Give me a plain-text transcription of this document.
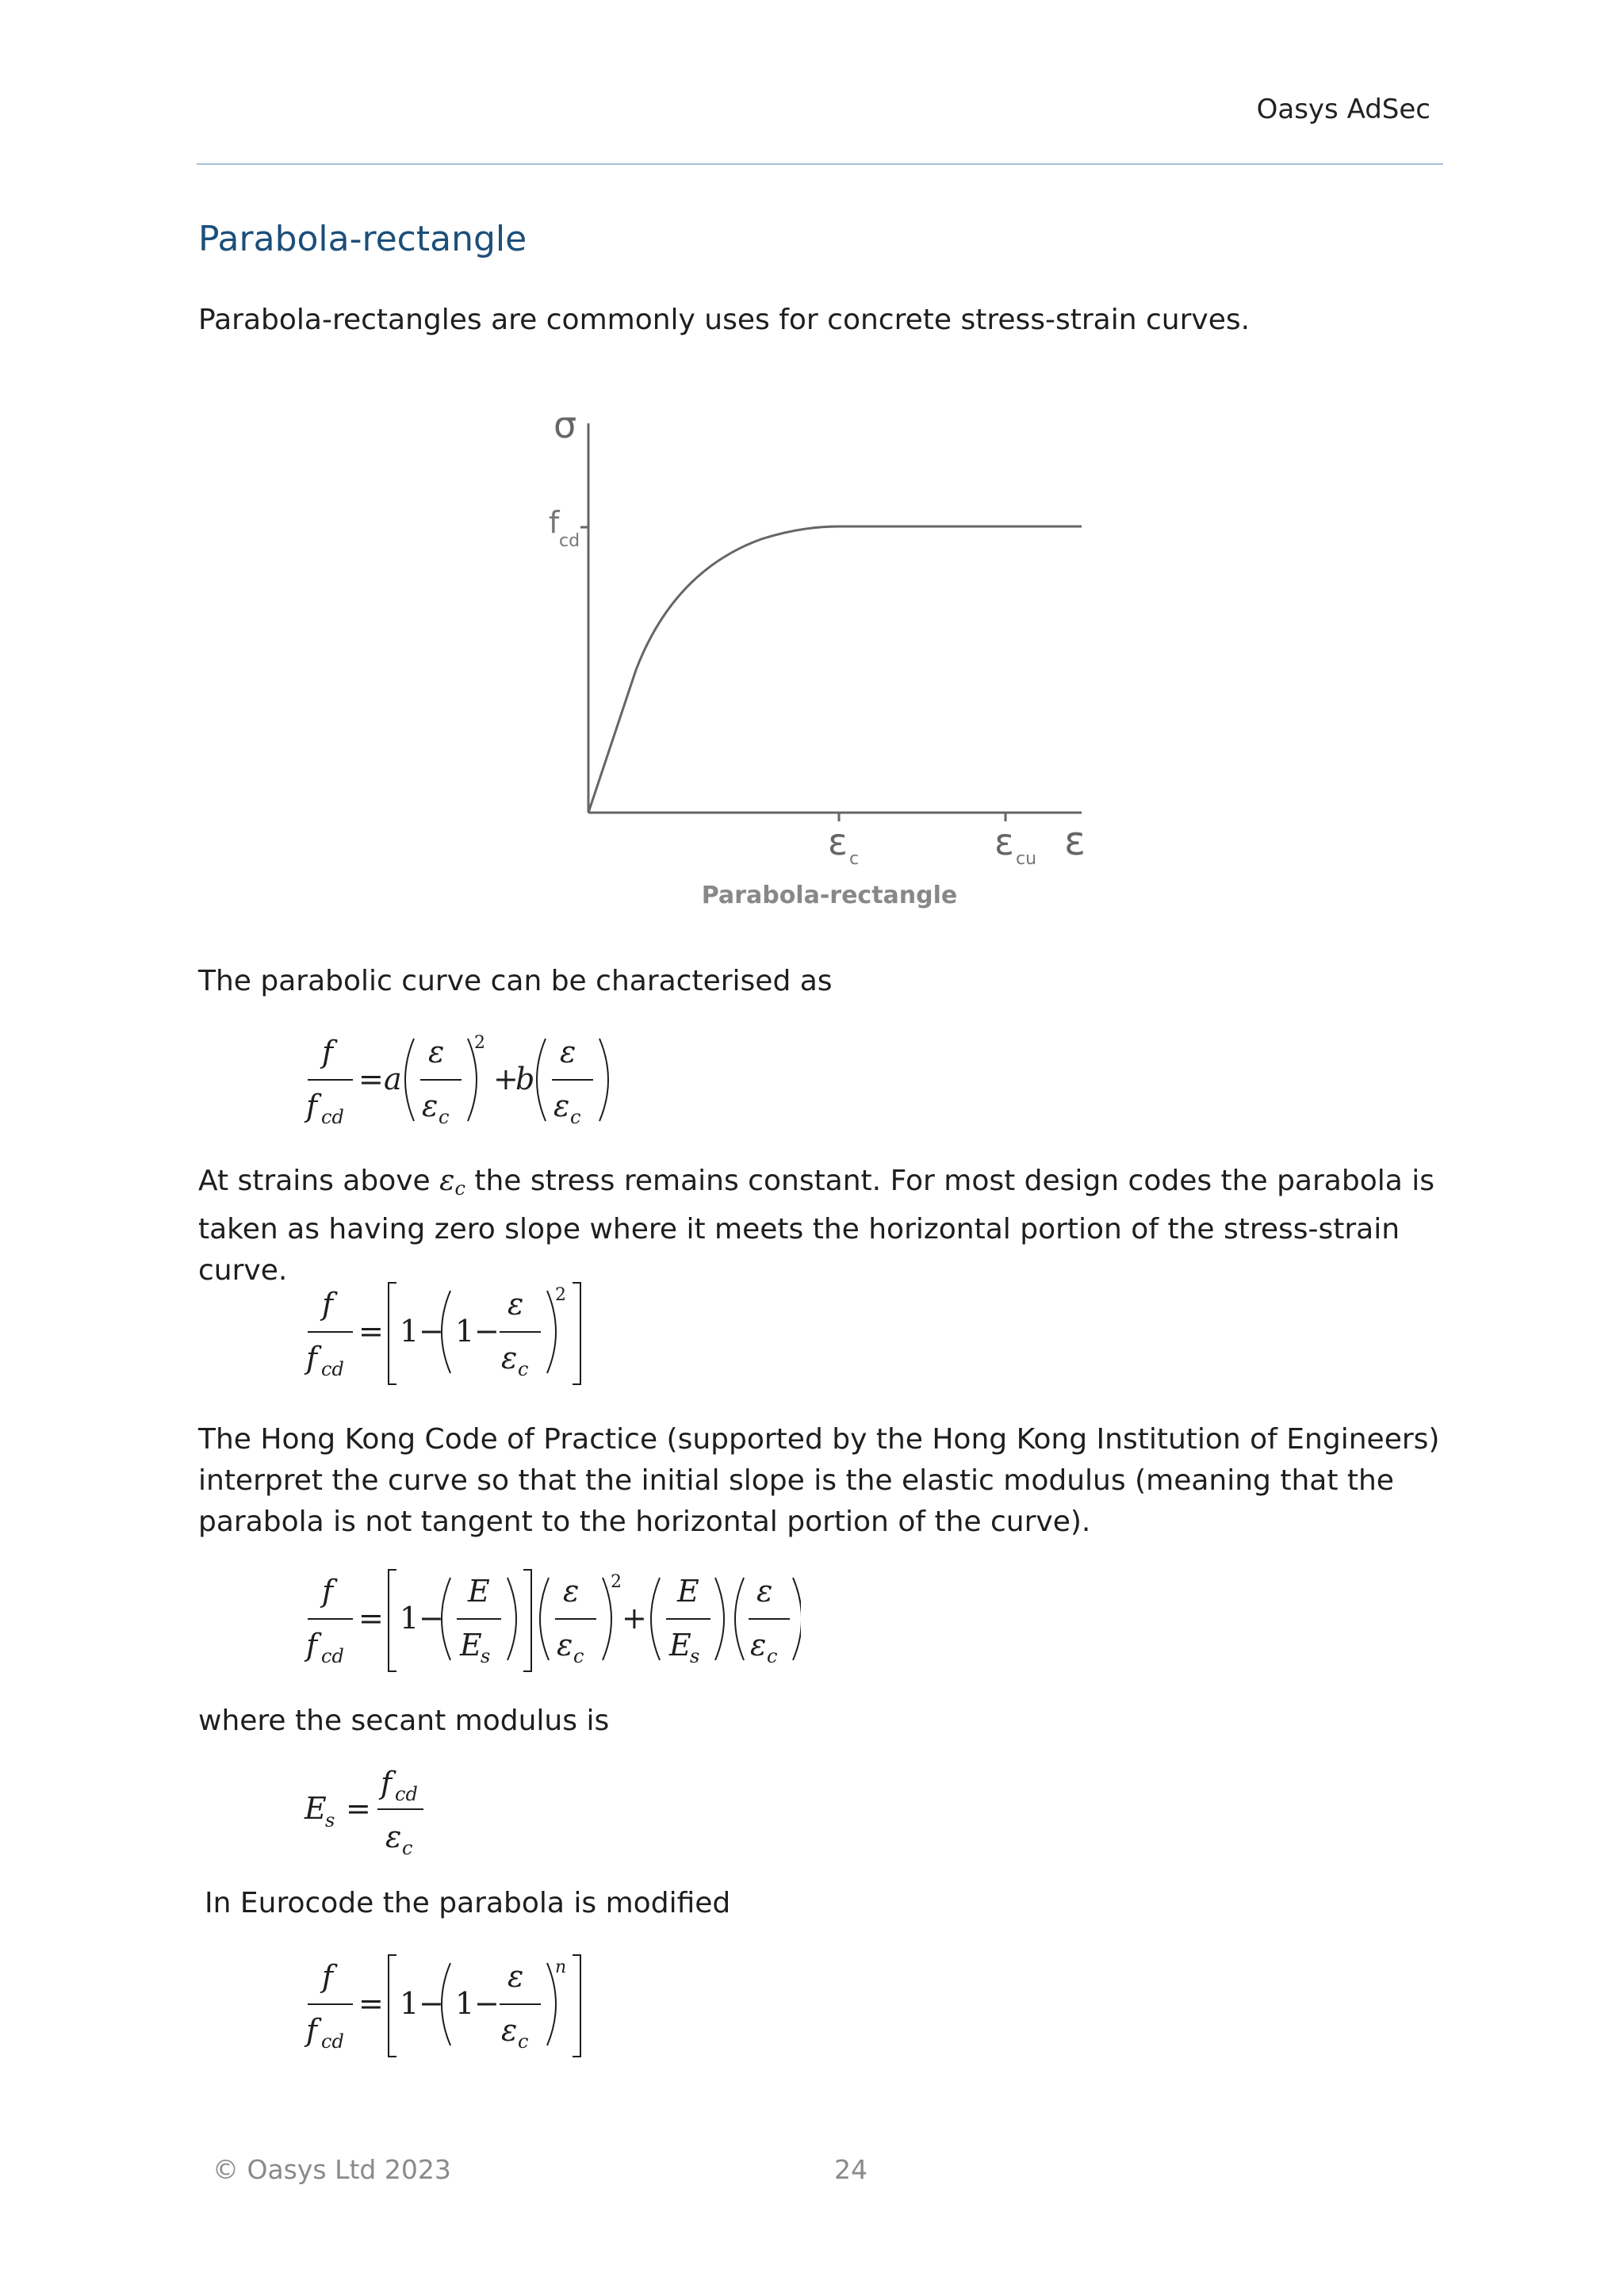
Oasys AdSec
Parabola-rectangle
Parabola-rectangles are commonly uses for concrete stress-strain curves.
σ
f
cd
ε c	ε cu ε
Parabola-rectangle
The parabolic curve can be characterised as
f
f cd
= a
ε
ε c
2
+
b
ε
ε c
At strains above $\varepsilon_c$ the stress remains constant. For most design codes the parabola is taken as having zero slope where it meets the horizontal portion of the stress-strain curve.
f
f cd
= 1 − 1 −
ε
ε c
2
The Hong Kong Code of Practice (supported by the Hong Kong Institution of Engineers) interpret the curve so that the initial slope is the elastic modulus (meaning that the parabola is not tangent to the horizontal portion of the curve).
f
f cd
= 1 −
E
E
s
ε
ε c
2
+
E
E
s
ε
ε c
where the secant modulus is
E
s =
f cd
ε c
In Eurocode the parabola is modified
f
f cd
= 1 − 1 −
ε
ε c
n
© Oasys Ltd 2023	24
